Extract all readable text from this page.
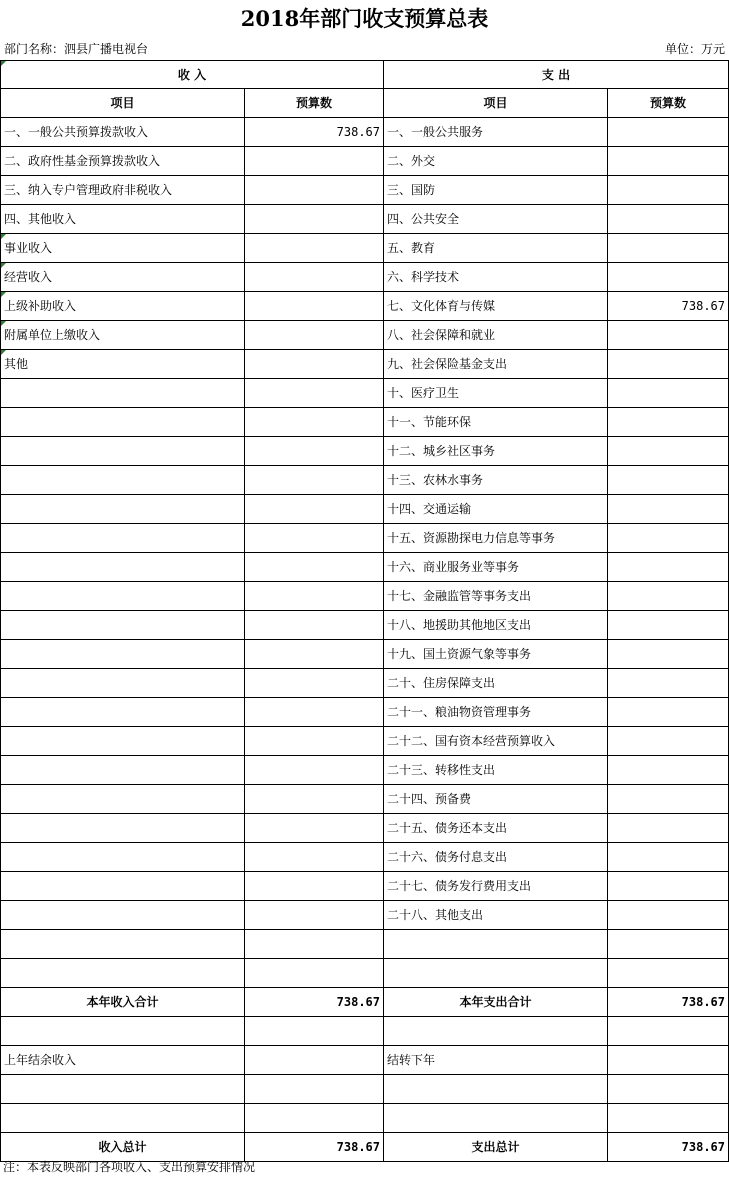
2018年部门收支预算总表
部门名称：泗县广播电视台	单位：万元
收 入		支 出	
项目	预算数	项目	预算数
一、一般公共预算拨款收入	738.67	一、一般公共服务	
二、政府性基金预算拨款收入		二、外交	
三、纳入专户管理政府非税收入		三、国防	
四、其他收入		四、公共安全	
事业收入		五、教育	
经营收入		六、科学技术	
上级补助收入		七、文化体育与传媒	738.67
附属单位上缴收入		八、社会保障和就业	
其他		九、社会保险基金支出	
		十、医疗卫生	
		十一、节能环保	
		十二、城乡社区事务	
		十三、农林水事务	
		十四、交通运输	
		十五、资源勘探电力信息等事务	
		十六、商业服务业等事务	
		十七、金融监管等事务支出	
		十八、地援助其他地区支出	
		十九、国土资源气象等事务	
		二十、住房保障支出	
		二十一、粮油物资管理事务	
		二十二、国有资本经营预算收入	
		二十三、转移性支出	
		二十四、预备费	
		二十五、债务还本支出	
		二十六、债务付息支出	
		二十七、债务发行费用支出	
		二十八、其他支出	

本年收入合计	738.67	本年支出合计	738.67

上年结余收入		结转下年	

收入总计	738.67	支出总计	738.67
注：本表反映部门各项收入、支出预算安排情况
